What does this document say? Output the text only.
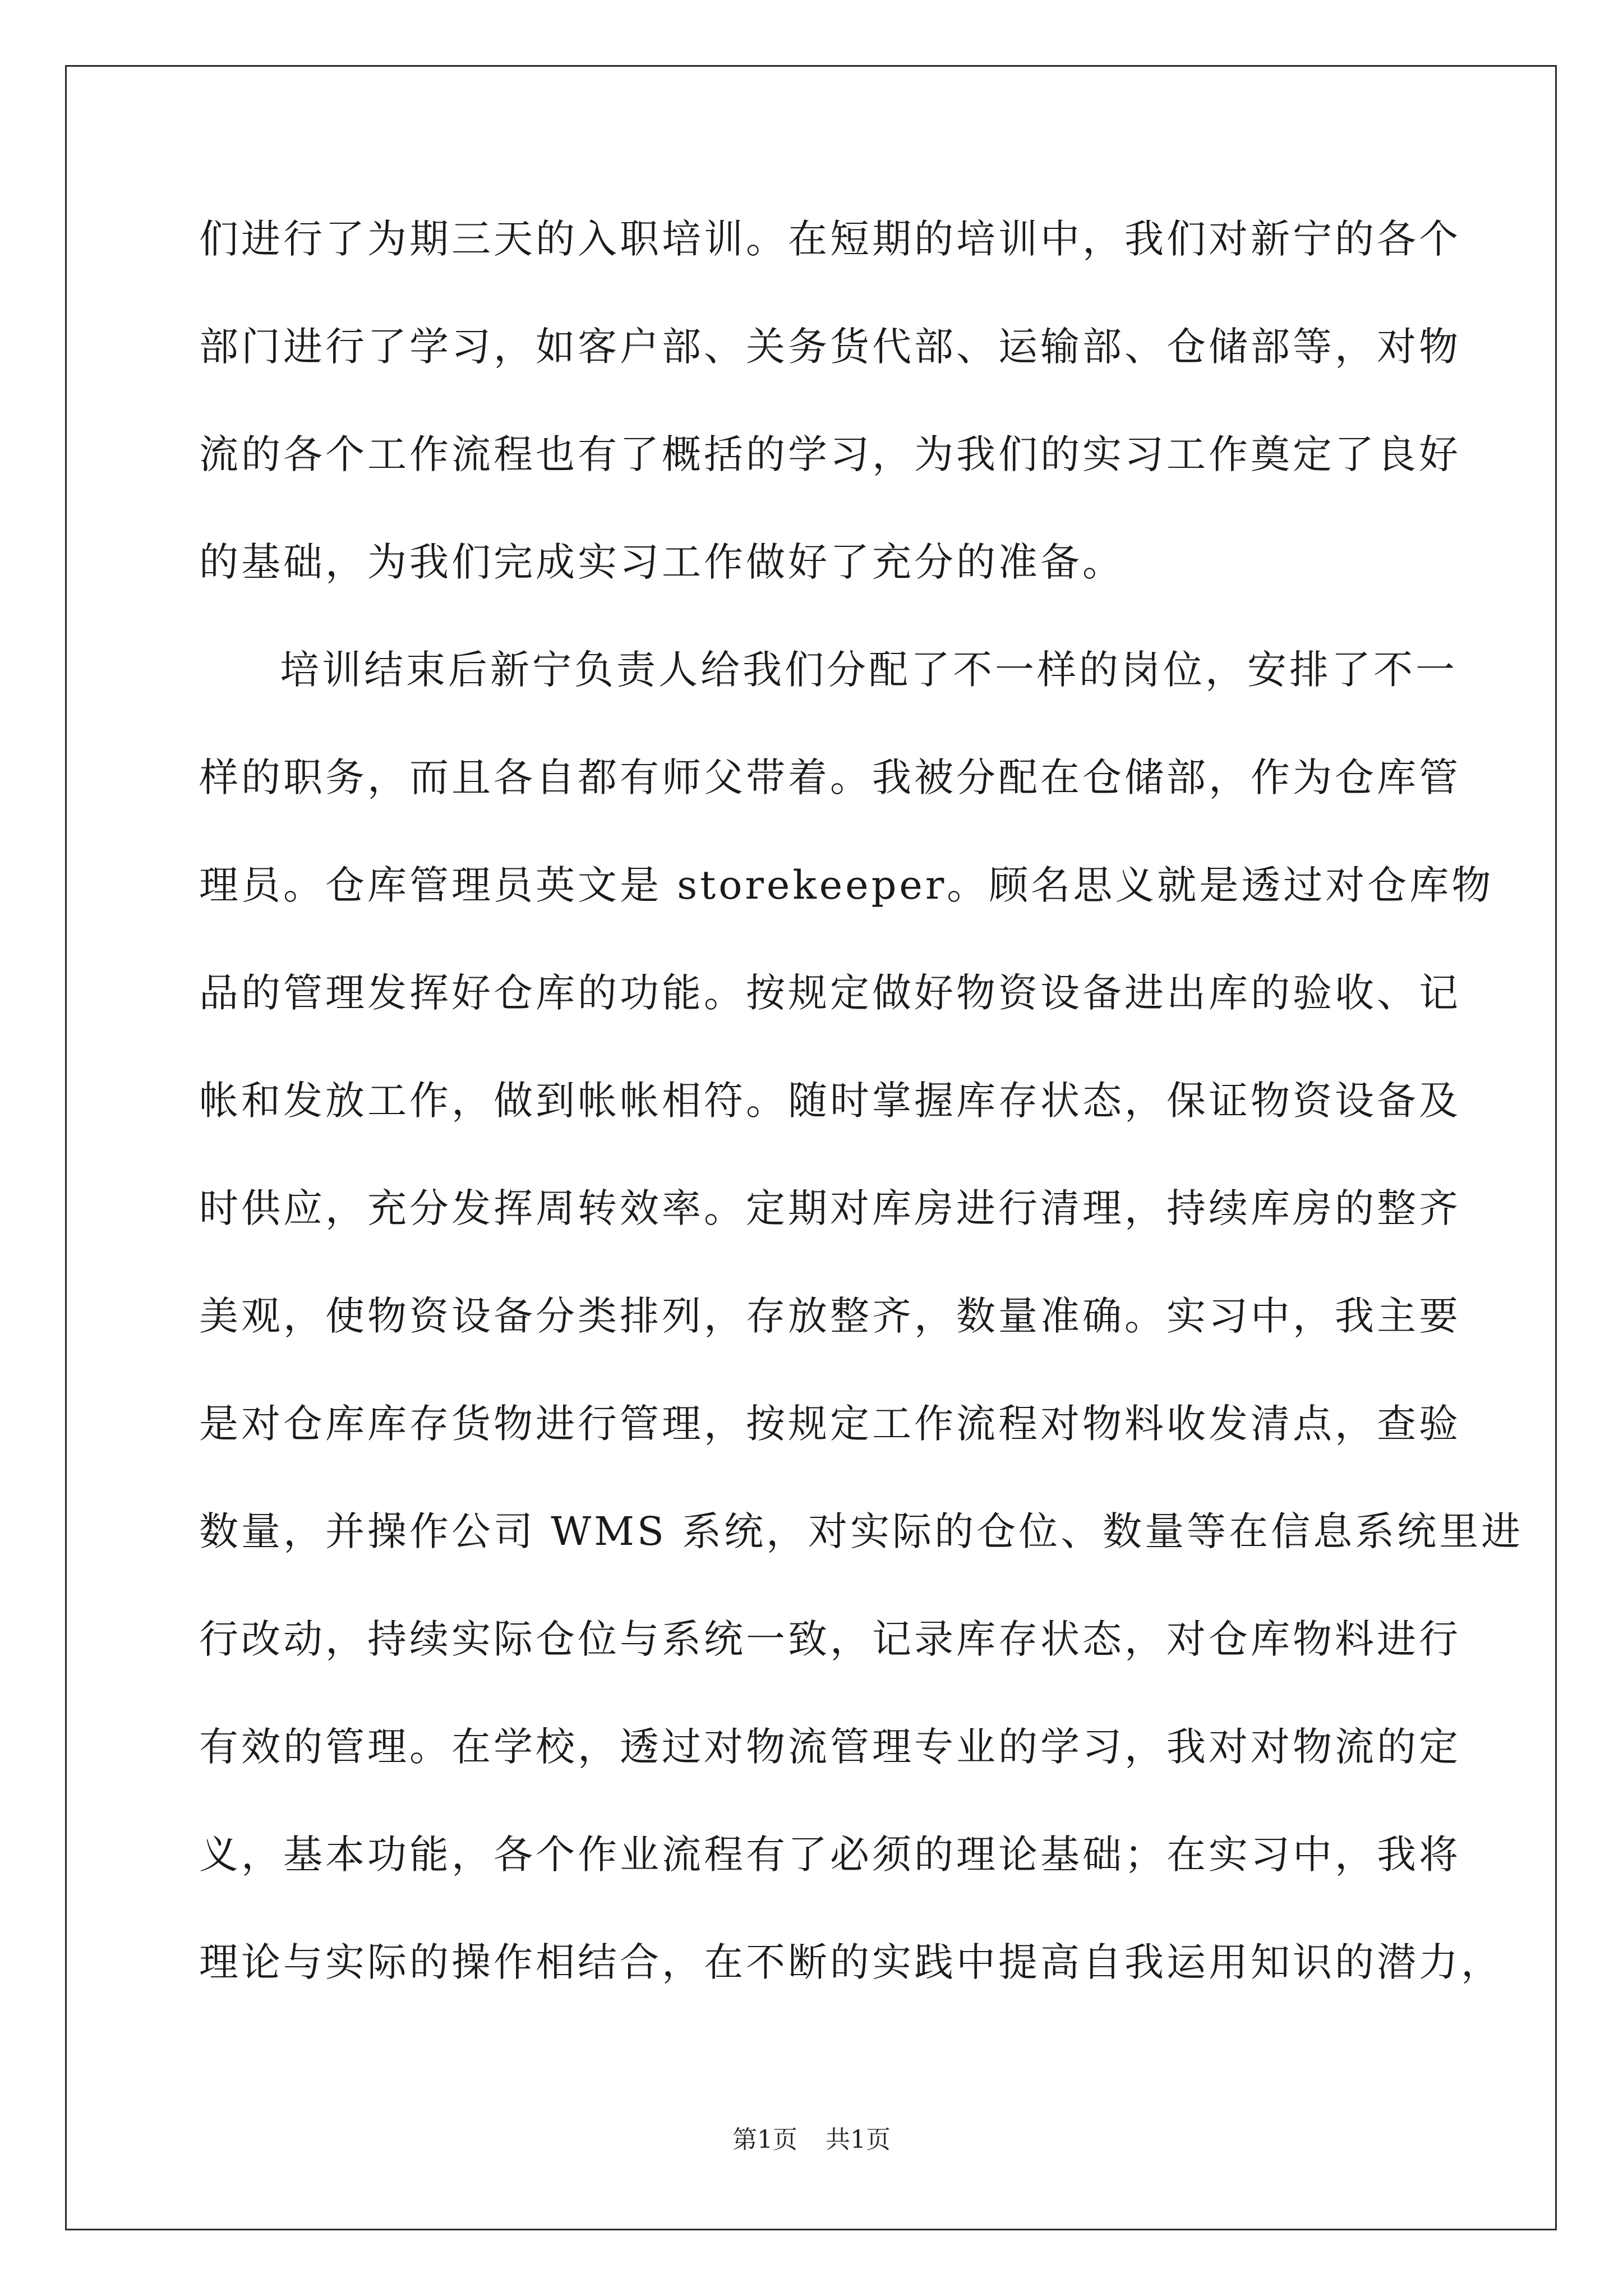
们进行了为期三天的入职培训。在短期的培训中，我们对新宁的各个
部门进行了学习，如客户部、关务货代部、运输部、仓储部等，对物
流的各个工作流程也有了概括的学习，为我们的实习工作奠定了良好
的基础，为我们完成实习工作做好了充分的准备。
培训结束后新宁负责人给我们分配了不一样的岗位，安排了不一
样的职务，而且各自都有师父带着。我被分配在仓储部，作为仓库管
理员。仓库管理员英文是 storekeeper。顾名思义就是透过对仓库物
品的管理发挥好仓库的功能。按规定做好物资设备进出库的验收、记
帐和发放工作，做到帐帐相符。随时掌握库存状态，保证物资设备及
时供应，充分发挥周转效率。定期对库房进行清理，持续库房的整齐
美观，使物资设备分类排列，存放整齐，数量准确。实习中，我主要
是对仓库库存货物进行管理，按规定工作流程对物料收发清点，查验
数量，并操作公司 WMS 系统，对实际的仓位、数量等在信息系统里进
行改动，持续实际仓位与系统一致，记录库存状态，对仓库物料进行
有效的管理。在学校，透过对物流管理专业的学习，我对对物流的定
义，基本功能，各个作业流程有了必须的理论基础；在实习中，我将
理论与实际的操作相结合，在不断的实践中提高自我运用知识的潜力，
第1页 共1页
